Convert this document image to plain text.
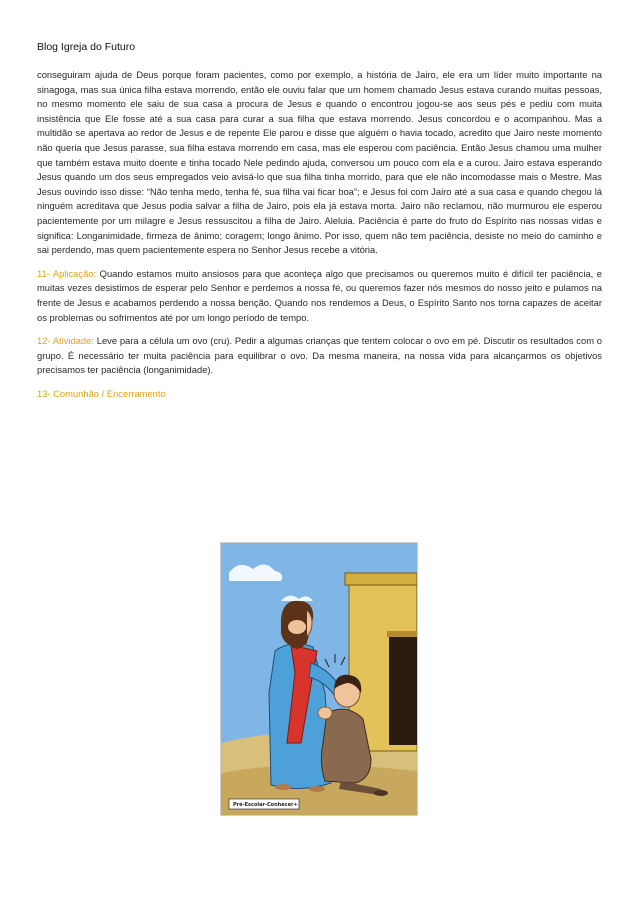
Blog Igreja do Futuro

conseguiram ajuda de Deus porque foram pacientes, como por exemplo, a história de Jairo, ele era um líder muito importante na sinagoga, mas sua única filha estava morrendo, então ele ouviu falar que um homem chamado Jesus estava curando muitas pessoas, no mesmo momento ele saiu de sua casa a procura de Jesus e quando o encontrou jogou-se aos seus pés e pediu com muita insistência que Ele fosse até a sua casa para curar a sua filha que estava morrendo. Jesus concordou e o acompanhou. Mas a multidão se apertava ao redor de Jesus e de repente Ele parou e disse que alguém o havia tocado, acredito que Jairo neste momento não queria que Jesus parasse, sua filha estava morrendo em casa, mas ele esperou com paciência. Então Jesus chamou uma mulher que também estava muito doente e tinha tocado Nele pedindo ajuda, conversou um pouco com ela e a curou. Jairo estava esperando Jesus quando um dos seus empregados veio avisá-lo que sua filha tinha morrido, para que ele não incomodasse mais o Mestre. Mas Jesus ouvindo isso disse: “Não tenha medo, tenha fé, sua filha vai ficar boa”; e Jesus foi com Jairo até a sua casa e quando chegou lá ninguém acreditava que Jesus podia salvar a filha de Jairo, pois ela já estava morta. Jairo não reclamou, não murmurou ele esperou pacientemente por um milagre e Jesus ressuscitou a filha de Jairo. Aleluia. Paciência é parte do fruto do Espírito nas nossas vidas e significa: Longanimidade, firmeza de ânimo; coragem; longo ânimo. Por isso, quem não tem paciência, desiste no meio do caminho e sai perdendo, mas quem pacientemente espera no Senhor Jesus recebe a vitória.

11- Aplicação: Quando estamos muito ansiosos para que aconteça algo que precisamos ou queremos muito é difícil ter paciência, e muitas vezes desistimos de esperar pelo Senhor e perdemos a nossa fé, ou queremos fazer nós mesmos do nosso jeito e pulamos na frente de Jesus e acabamos perdendo a nossa benção. Quando nos rendemos a Deus, o Espírito Santo nos torna capazes de aceitar os problemas ou sofrimentos até por um longo período de tempo.

12- Atividade: Leve para a célula um ovo (cru). Pedir a algumas crianças que tentem colocar o ovo em pé. Discutir os resultados com o grupo. É necessário ter muita paciência para equilibrar o ovo. Da mesma maneira, na nossa vida para alcançarmos os objetivos precisamos ter paciência (longanimidade).

13- Comunhão / Encerramento

Pré-Escolar-Conhecer+
